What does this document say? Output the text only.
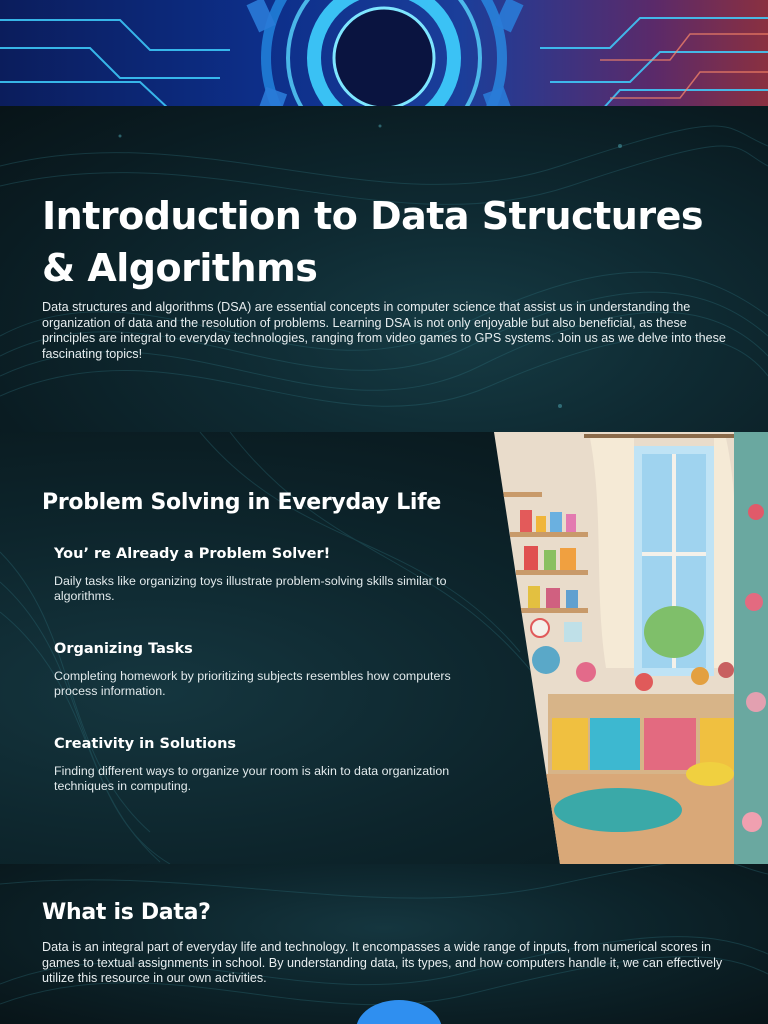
Introduction to Data Structures & Algorithms

Data structures and algorithms (DSA) are essential concepts in computer science that assist us in understanding the organization of data and the resolution of problems. Learning DSA is not only enjoyable but also beneficial, as these principles are integral to everyday technologies, ranging from video games to GPS systems. Join us as we delve into these fascinating topics!

Problem Solving in Everyday Life
You’ re Already a Problem Solver!

Daily tasks like organizing toys illustrate problem-solving skills similar to algorithms.

Organizing Tasks

Completing homework by prioritizing subjects resembles how computers process information.

Creativity in Solutions

Finding different ways to organize your room is akin to data organization techniques in computing.

What is Data?

Data is an integral part of everyday life and technology. It encompasses a wide range of inputs, from numerical scores in games to textual assignments in school. By understanding data, its types, and how computers handle it, we can effectively utilize this resource in our own activities.
